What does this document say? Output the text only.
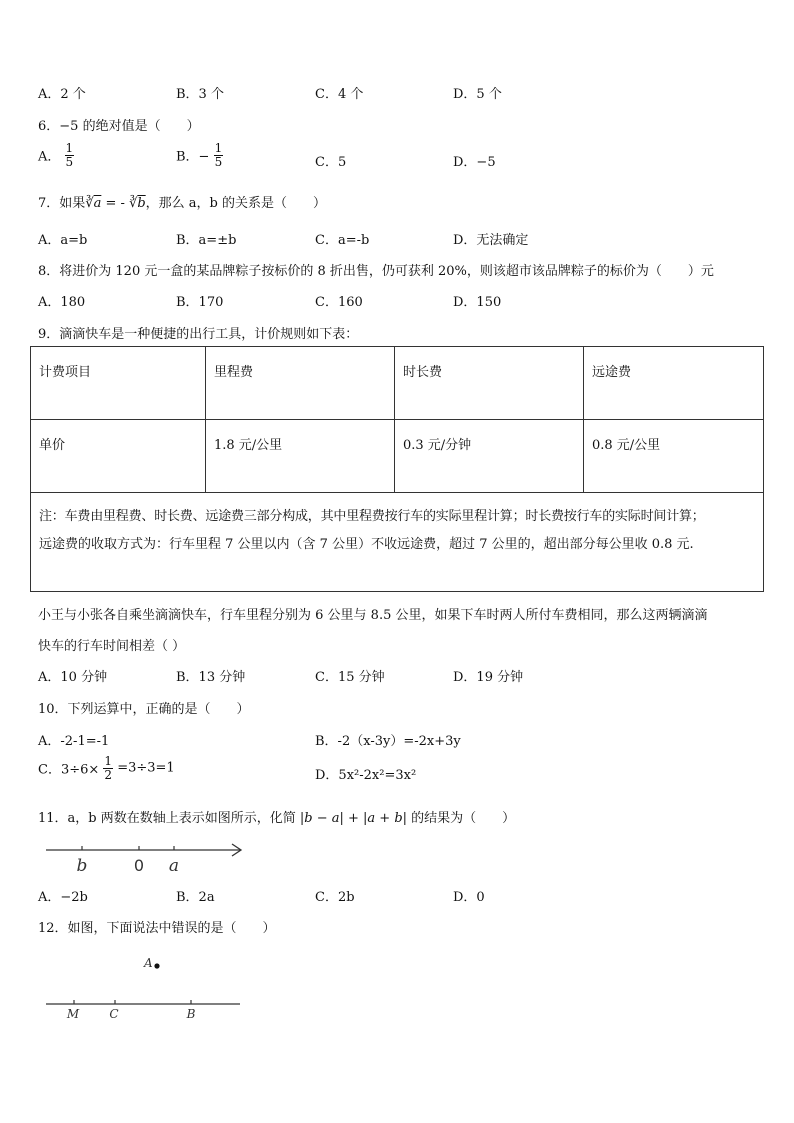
A．2 个	B．3 个	C．4 个	D．5 个
6．−5 的绝对值是（　　）
A． $\frac{1}{5}$	B．− $\frac{1}{5}$	C．5	D．−5
7．如果$∛\overline{a}$ = - $∛\overline{b}$，那么 a，b 的关系是（　　）
A．a=b	B．a=±b	C．a=-b	D．无法确定
8．将进价为 120 元一盒的某品牌粽子按标价的 8 折出售，仍可获利 20%，则该超市该品牌粽子的标价为（　　）元
A．180	B．170	C．160	D．150
9．滴滴快车是一种便捷的出行工具，计价规则如下表：
计费项目	里程费	时长费	远途费
单价	1.8 元/公里	0.3 元/分钟	0.8 元/公里

注：车费由里程费、时长费、远途费三部分构成，其中里程费按行车的实际里程计算；时长费按行车的实际时间计算；
远途费的收取方式为：行车里程 7 公里以内（含 7 公里）不收远途费，超过 7 公里的，超出部分每公里收 0.8 元.			
小王与小张各自乘坐滴滴快车，行车里程分别为 6 公里与 8.5 公里，如果下车时两人所付车费相同，那么这两辆滴滴
快车的行车时间相差（ ）
A．10 分钟	B．13 分钟	C．15 分钟	D．19 分钟
10．下列运算中，正确的是（　　）
A．-2-1=-1	B．-2（x-3y）=-2x+3y
C．$3\div 6\times \frac{1}{2} =3\div 3=1$	D．5x²-2x²=3x²
11．a，b 两数在数轴上表示如图所示，化简 |b − a| + |a + b| 的结果为（　　）
b	0 a
A．−2b	B．2a	C．2b	D．0
12．如图，下面说法中错误的是（　　）
A
M	C	B
